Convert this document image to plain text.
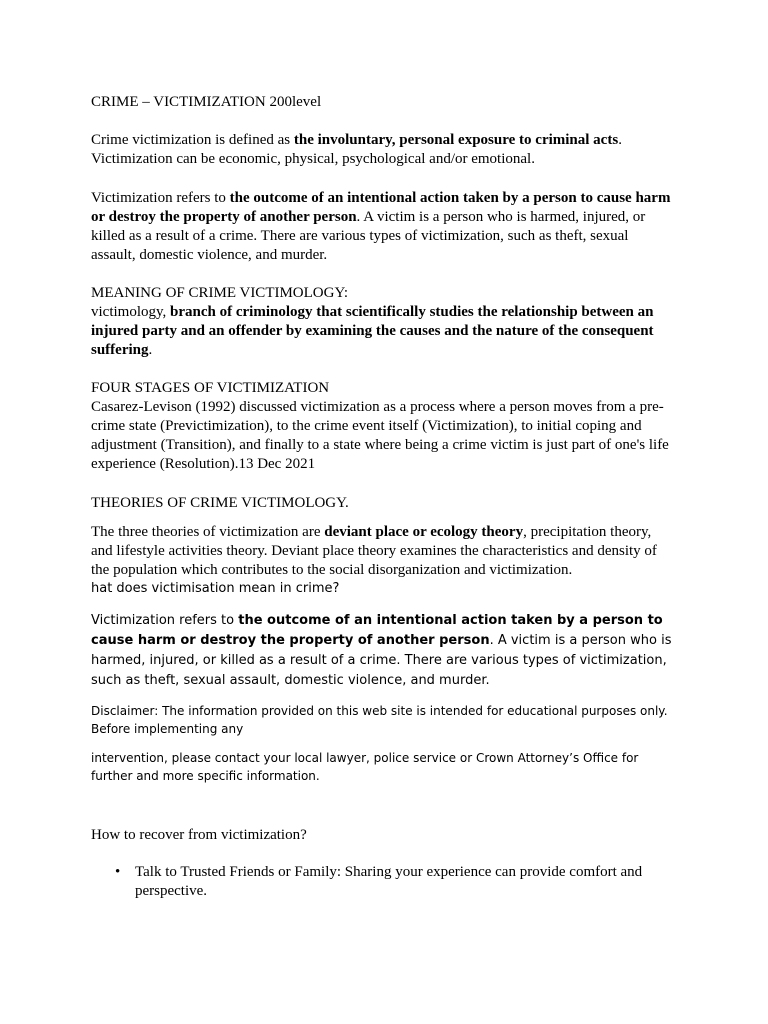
CRIME – VICTIMIZATION 200level

Crime victimization is defined as the involuntary, personal exposure to criminal acts. Victimization can be economic, physical, psychological and/or emotional.

Victimization refers to the outcome of an intentional action taken by a person to cause harm or destroy the property of another person. A victim is a person who is harmed, injured, or killed as a result of a crime. There are various types of victimization, such as theft, sexual assault, domestic violence, and murder.

MEANING OF CRIME VICTIMOLOGY:

victimology, branch of criminology that scientifically studies the relationship between an injured party and an offender by examining the causes and the nature of the consequent suffering.

FOUR STAGES OF VICTIMIZATION

Casarez-Levison (1992) discussed victimization as a process where a person moves from a pre-crime state (Previctimization), to the crime event itself (Victimization), to initial coping and adjustment (Transition), and finally to a state where being a crime victim is just part of one's life experience (Resolution).13 Dec 2021

THEORIES OF CRIME VICTIMOLOGY.

The three theories of victimization are deviant place or ecology theory, precipitation theory, and lifestyle activities theory. Deviant place theory examines the characteristics and density of the population which contributes to the social disorganization and victimization.

hat does victimisation mean in crime?

Victimization refers to the outcome of an intentional action taken by a person to cause harm or destroy the property of another person. A victim is a person who is harmed, injured, or killed as a result of a crime. There are various types of victimization, such as theft, sexual assault, domestic violence, and murder.

Disclaimer: The information provided on this web site is intended for educational purposes only. Before implementing any

intervention, please contact your local lawyer, police service or Crown Attorney’s Office for further and more specific information.

How to recover from victimization?

• Talk to Trusted Friends or Family: Sharing your experience can provide comfort and perspective.
